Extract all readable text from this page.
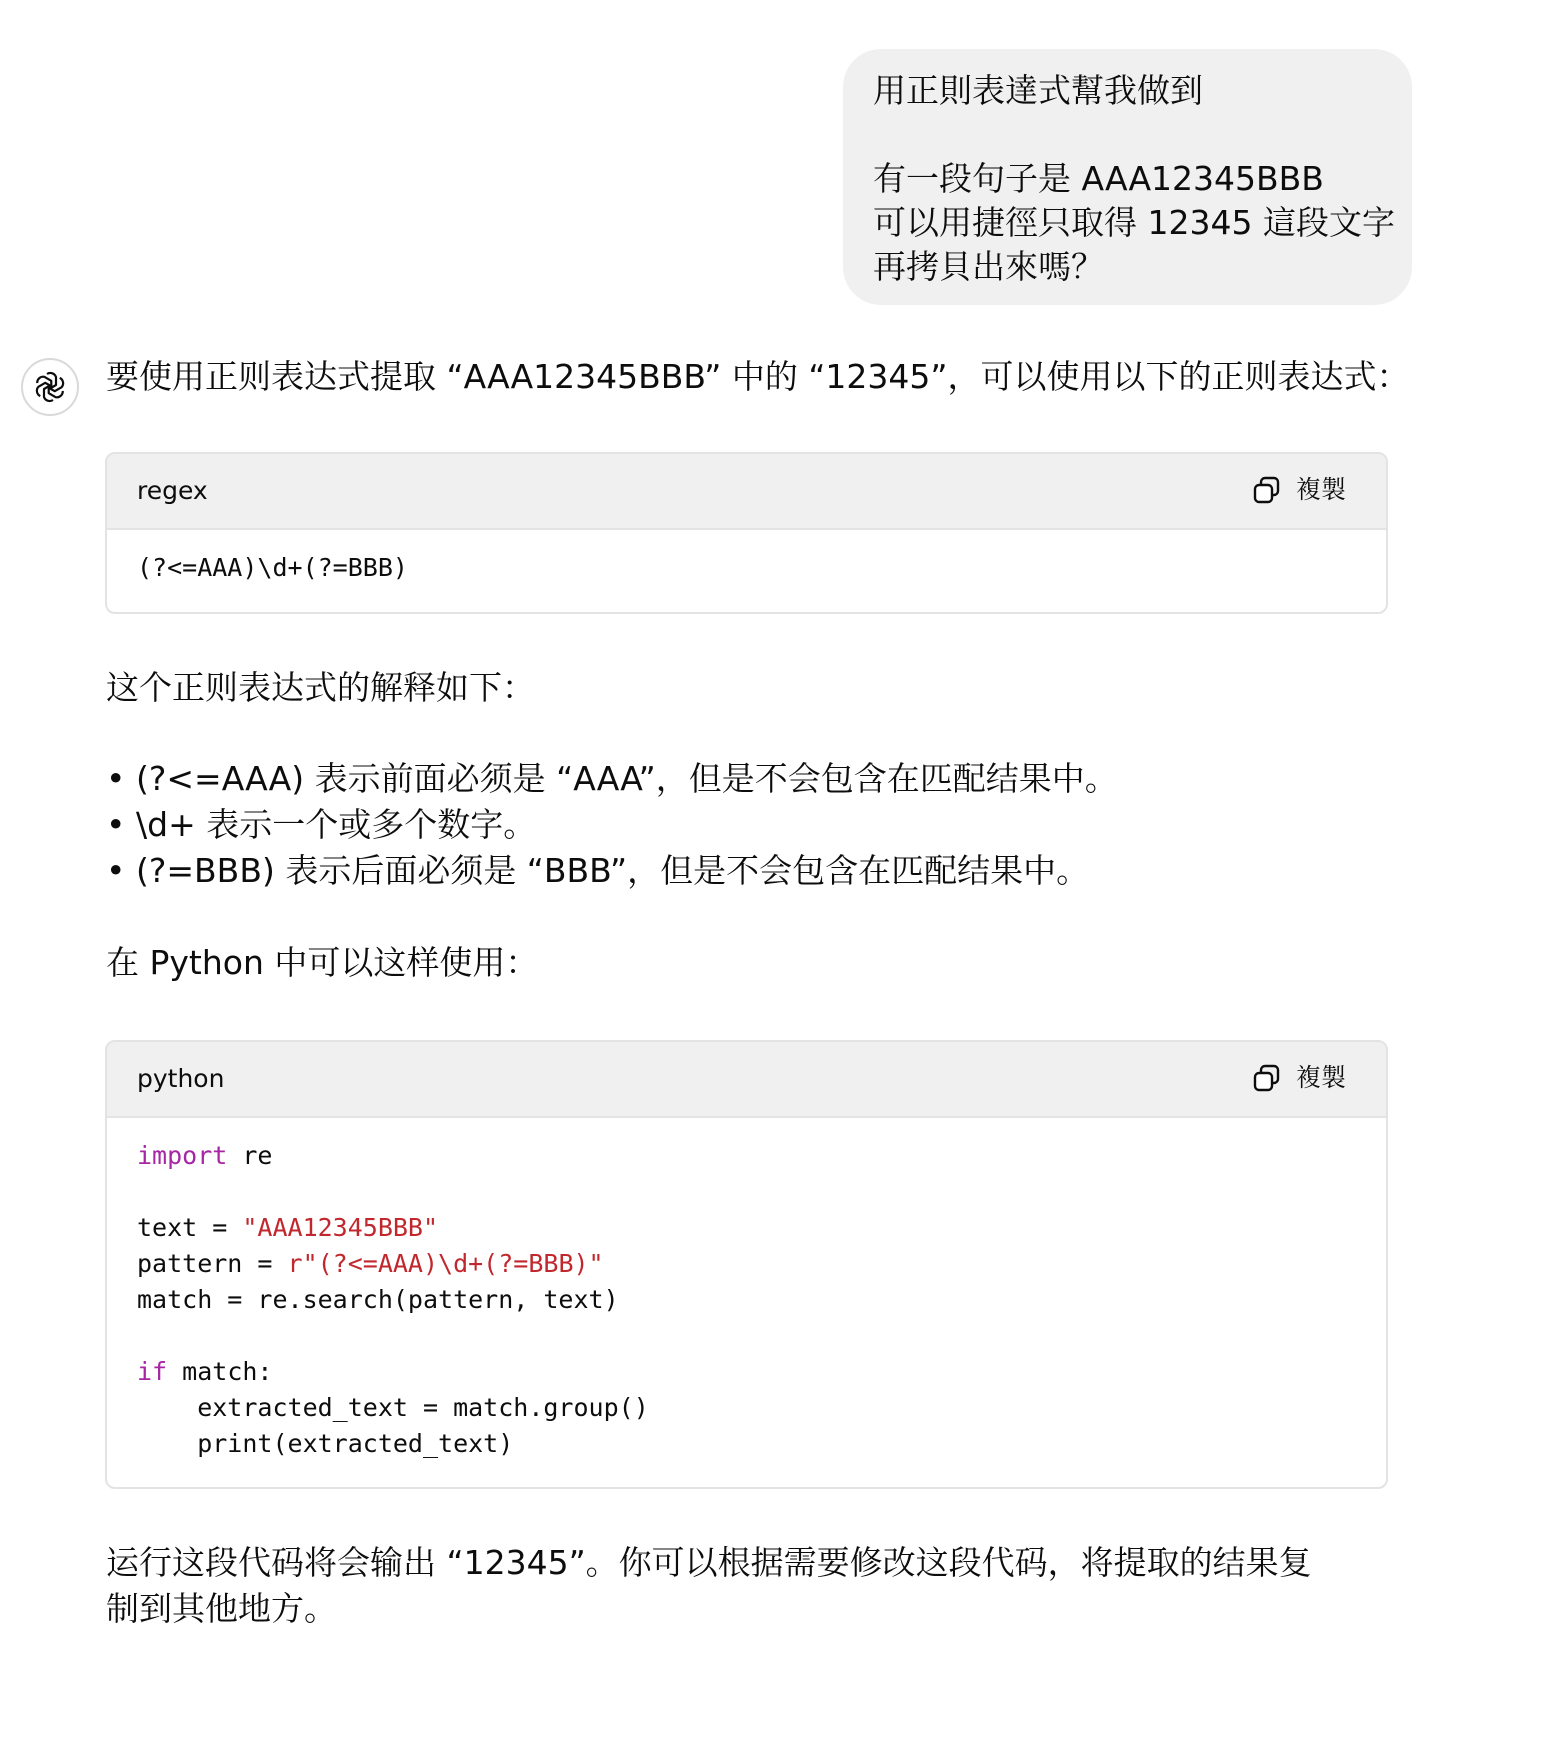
用正則表達式幫我做到
有一段句子是 AAA12345BBB
可以用捷徑只取得 12345 這段文字
再拷貝出來嗎？
要使用正则表达式提取 “AAA12345BBB” 中的 “12345”，可以使用以下的正则表达式：
regex	複製
(?<=AAA)\d+(?=BBB)
这个正则表达式的解释如下：
• (?<=AAA) 表示前面必须是 “AAA”，但是不会包含在匹配结果中。
• \d+ 表示一个或多个数字。
• (?=BBB) 表示后面必须是 “BBB”，但是不会包含在匹配结果中。
在 Python 中可以这样使用：
python	複製
import re
text = "AAA12345BBB"
pattern = r"(?<=AAA)\d+(?=BBB)"
match = re.search(pattern, text)
if match:
extracted_text = match.group()
print(extracted_text)
运行这段代码将会输出 “12345”。你可以根据需要修改这段代码，将提取的结果复
制到其他地方。
